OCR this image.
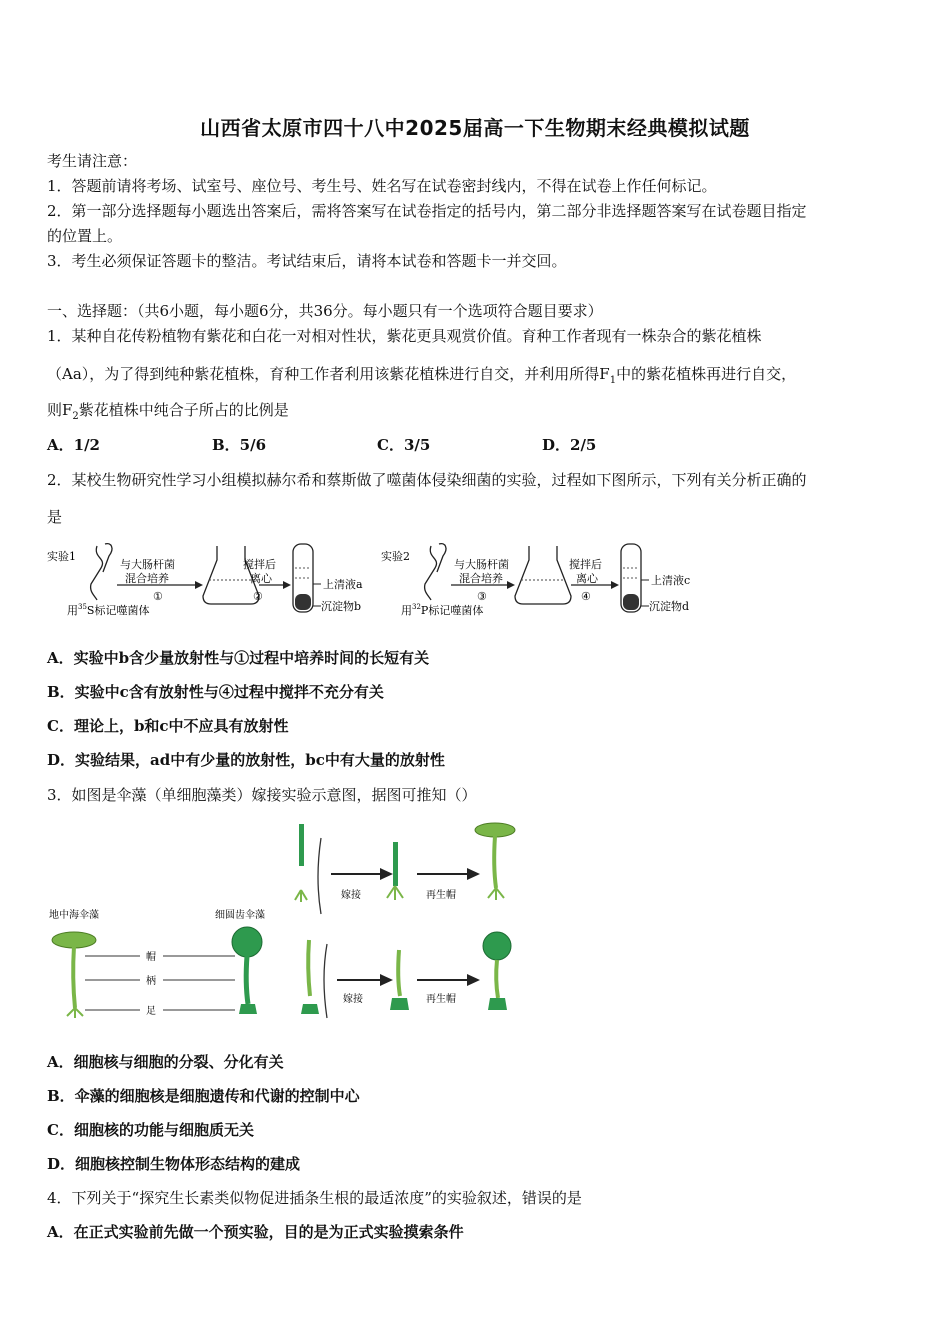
山西省太原市四十八中2025届高一下生物期末经典模拟试题
考生请注意：
1．答题前请将考场、试室号、座位号、考生号、姓名写在试卷密封线内，不得在试卷上作任何标记。
2．第一部分选择题每小题选出答案后，需将答案写在试卷指定的括号内，第二部分非选择题答案写在试卷题目指定
的位置上。
3．考生必须保证答题卡的整洁。考试结束后，请将本试卷和答题卡一并交回。
一、选择题：（共6小题，每小题6分，共36分。每小题只有一个选项符合题目要求）
1．某种自花传粉植物有紫花和白花一对相对性状，紫花更具观赏价值。育种工作者现有一株杂合的紫花植株
（Aa），为了得到纯种紫花植株，育种工作者利用该紫花植株进行自交，并利用所得$F_1$中的紫花植株再进行自交，
则$F_2$紫花植株中纯合子所占的比例是
A．1/2	B．5/6	C．3/5	D．2/5
2．某校生物研究性学习小组模拟赫尔希和蔡斯做了噬菌体侵染细菌的实验，过程如下图所示，下列有关分析正确的
是
实验1
用$^{35}$S标记噬菌体
与大肠杆菌
混合培养
①
搅拌后
离心
②
上清液a
沉淀物b
实验2
用$^{32}$P标记噬菌体
与大肠杆菌
混合培养
③
搅拌后
离心
④
上清液c
沉淀物d
A．实验中b含少量放射性与①过程中培养时间的长短有关
B．实验中c含有放射性与④过程中搅拌不充分有关
C．理论上，b和c中不应具有放射性
D．实验结果，ad中有少量的放射性，bc中有大量的放射性
3．如图是伞藻（单细胞藻类）嫁接实验示意图，据图可推知（）
地中海伞藻	细圆齿伞藻
帽
柄
足
嫁接	再生帽
嫁接	再生帽
A．细胞核与细胞的分裂、分化有关
B．伞藻的细胞核是细胞遗传和代谢的控制中心
C．细胞核的功能与细胞质无关
D．细胞核控制生物体形态结构的建成
4．下列关于“探究生长素类似物促进插条生根的最适浓度”的实验叙述，错误的是
A．在正式实验前先做一个预实验，目的是为正式实验摸索条件
